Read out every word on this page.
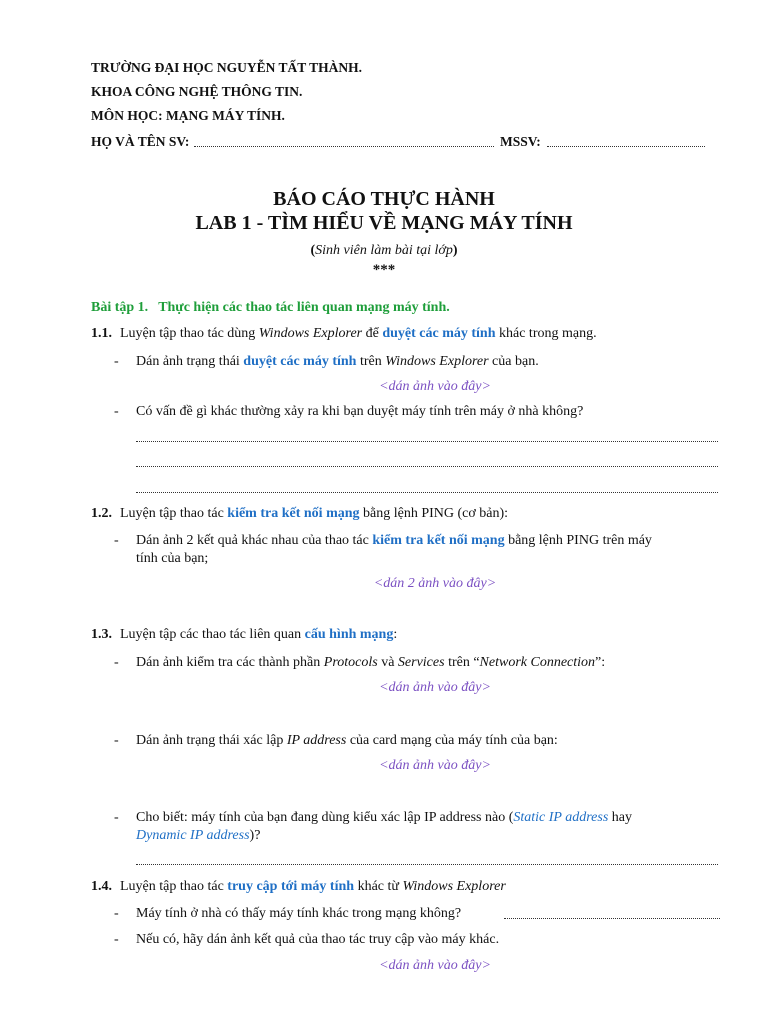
TRƯỜNG ĐẠI HỌC NGUYỄN TẤT THÀNH.
KHOA CÔNG NGHỆ THÔNG TIN.
MÔN HỌC: MẠNG MÁY TÍNH.
HỌ VÀ TÊN SV:	MSSV:
BÁO CÁO THỰC HÀNH
LAB 1 - TÌM HIỂU VỀ MẠNG MÁY TÍNH
(Sinh viên làm bài tại lớp)
***
Bài tập 1. Thực hiện các thao tác liên quan mạng máy tính.
1.1. Luyện tập thao tác dùng Windows Explorer để duyệt các máy tính khác trong mạng.
- Dán ảnh trạng thái duyệt các máy tính trên Windows Explorer của bạn.
<dán ảnh vào đây>
- Có vấn đề gì khác thường xảy ra khi bạn duyệt máy tính trên máy ở nhà không?
1.2. Luyện tập thao tác kiểm tra kết nối mạng bằng lệnh PING (cơ bản):
- Dán ảnh 2 kết quả khác nhau của thao tác kiểm tra kết nối mạng bằng lệnh PING trên máy
tính của bạn;
<dán 2 ảnh vào đây>
1.3. Luyện tập các thao tác liên quan cấu hình mạng:
- Dán ảnh kiểm tra các thành phần Protocols và Services trên “Network Connection”:
<dán ảnh vào đây>
- Dán ảnh trạng thái xác lập IP address của card mạng của máy tính của bạn:
<dán ảnh vào đây>
- Cho biết: máy tính của bạn đang dùng kiểu xác lập IP address nào (Static IP address hay
Dynamic IP address)?
1.4. Luyện tập thao tác truy cập tới máy tính khác từ Windows Explorer
- Máy tính ở nhà có thấy máy tính khác trong mạng không?
- Nếu có, hãy dán ảnh kết quả của thao tác truy cập vào máy khác.
<dán ảnh vào đây>
